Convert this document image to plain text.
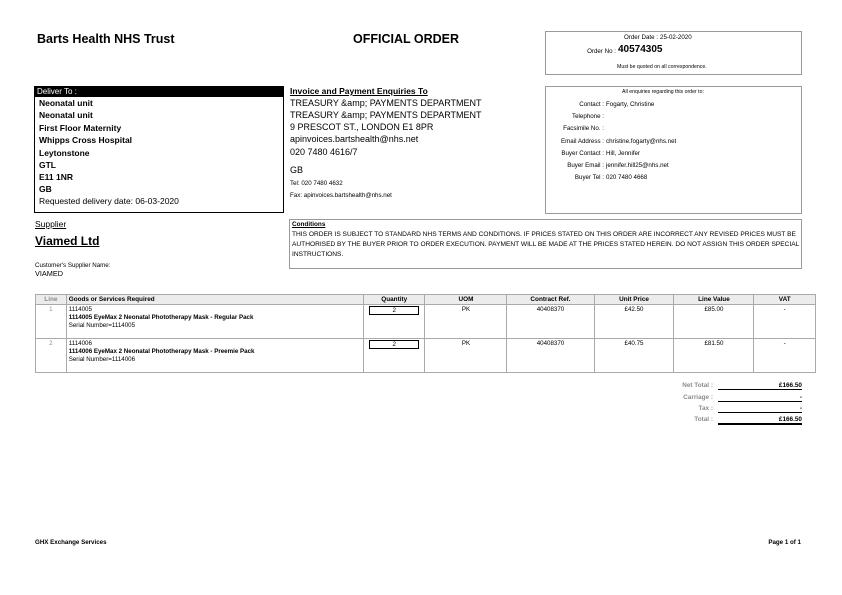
Barts Health NHS Trust	OFFICIAL ORDER	Order Date : 25-02-2020
Order No : 40574305
Must be quoted on all correspondence.
Deliver To :
Neonatal unit
Neonatal unit
First Floor Maternity
Whipps Cross Hospital
Leytonstone
GTL
E11 1NR
GB
Requested delivery date: 06-03-2020
Invoice and Payment Enquiries To
TREASURY &amp; PAYMENTS DEPARTMENT
TREASURY &amp; PAYMENTS DEPARTMENT
9 PRESCOT ST., LONDON E1 8PR
apinvoices.bartshealth@nhs.net
020 7480 4616/7
GB
Tel: 020 7480 4632
Fax: apinvoices.bartshealth@nhs.net
All enquiries regarding this order to:
Contact : Fogarty, Christine
Telephone :
Facsimile No. :
Email Address : christine.fogarty@nhs.net
Buyer Contact : Hill, Jennifer
Buyer Email : jennifer.hill25@nhs.net
Buyer Tel : 020 7480 4668
Supplier
Viamed Ltd
Customer's Supplier Name:
VIAMED
Conditions
THIS ORDER IS SUBJECT TO STANDARD NHS TERMS AND CONDITIONS. IF PRICES STATED ON THIS ORDER ARE INCORRECT ANY REVISED PRICES MUST BE AUTHORISED BY THE BUYER PRIOR TO ORDER EXECUTION. PAYMENT WILL BE MADE AT THE PRICES STATED HEREIN. DO NOT ASSIGN THIS ORDER SPECIAL INSTRUCTIONS.
Line	Goods or Services Required	Quantity	UOM	Contract Ref.	Unit Price	Line Value	VAT
1	1114005
1114005 EyeMax 2 Neonatal Phototherapy Mask - Regular Pack
Serial Number=1114005	2	PK	40408370	£42.50	£85.00	-
2	1114006
1114006 EyeMax 2 Neonatal Phototherapy Mask - Preemie Pack
Serial Number=1114006	2	PK	40408370	£40.75	£81.50	-
Net Total :	£166.50
Carriage :	-
Tax :	-
Total :	£166.50
GHX Exchange Services	Page 1 of 1
